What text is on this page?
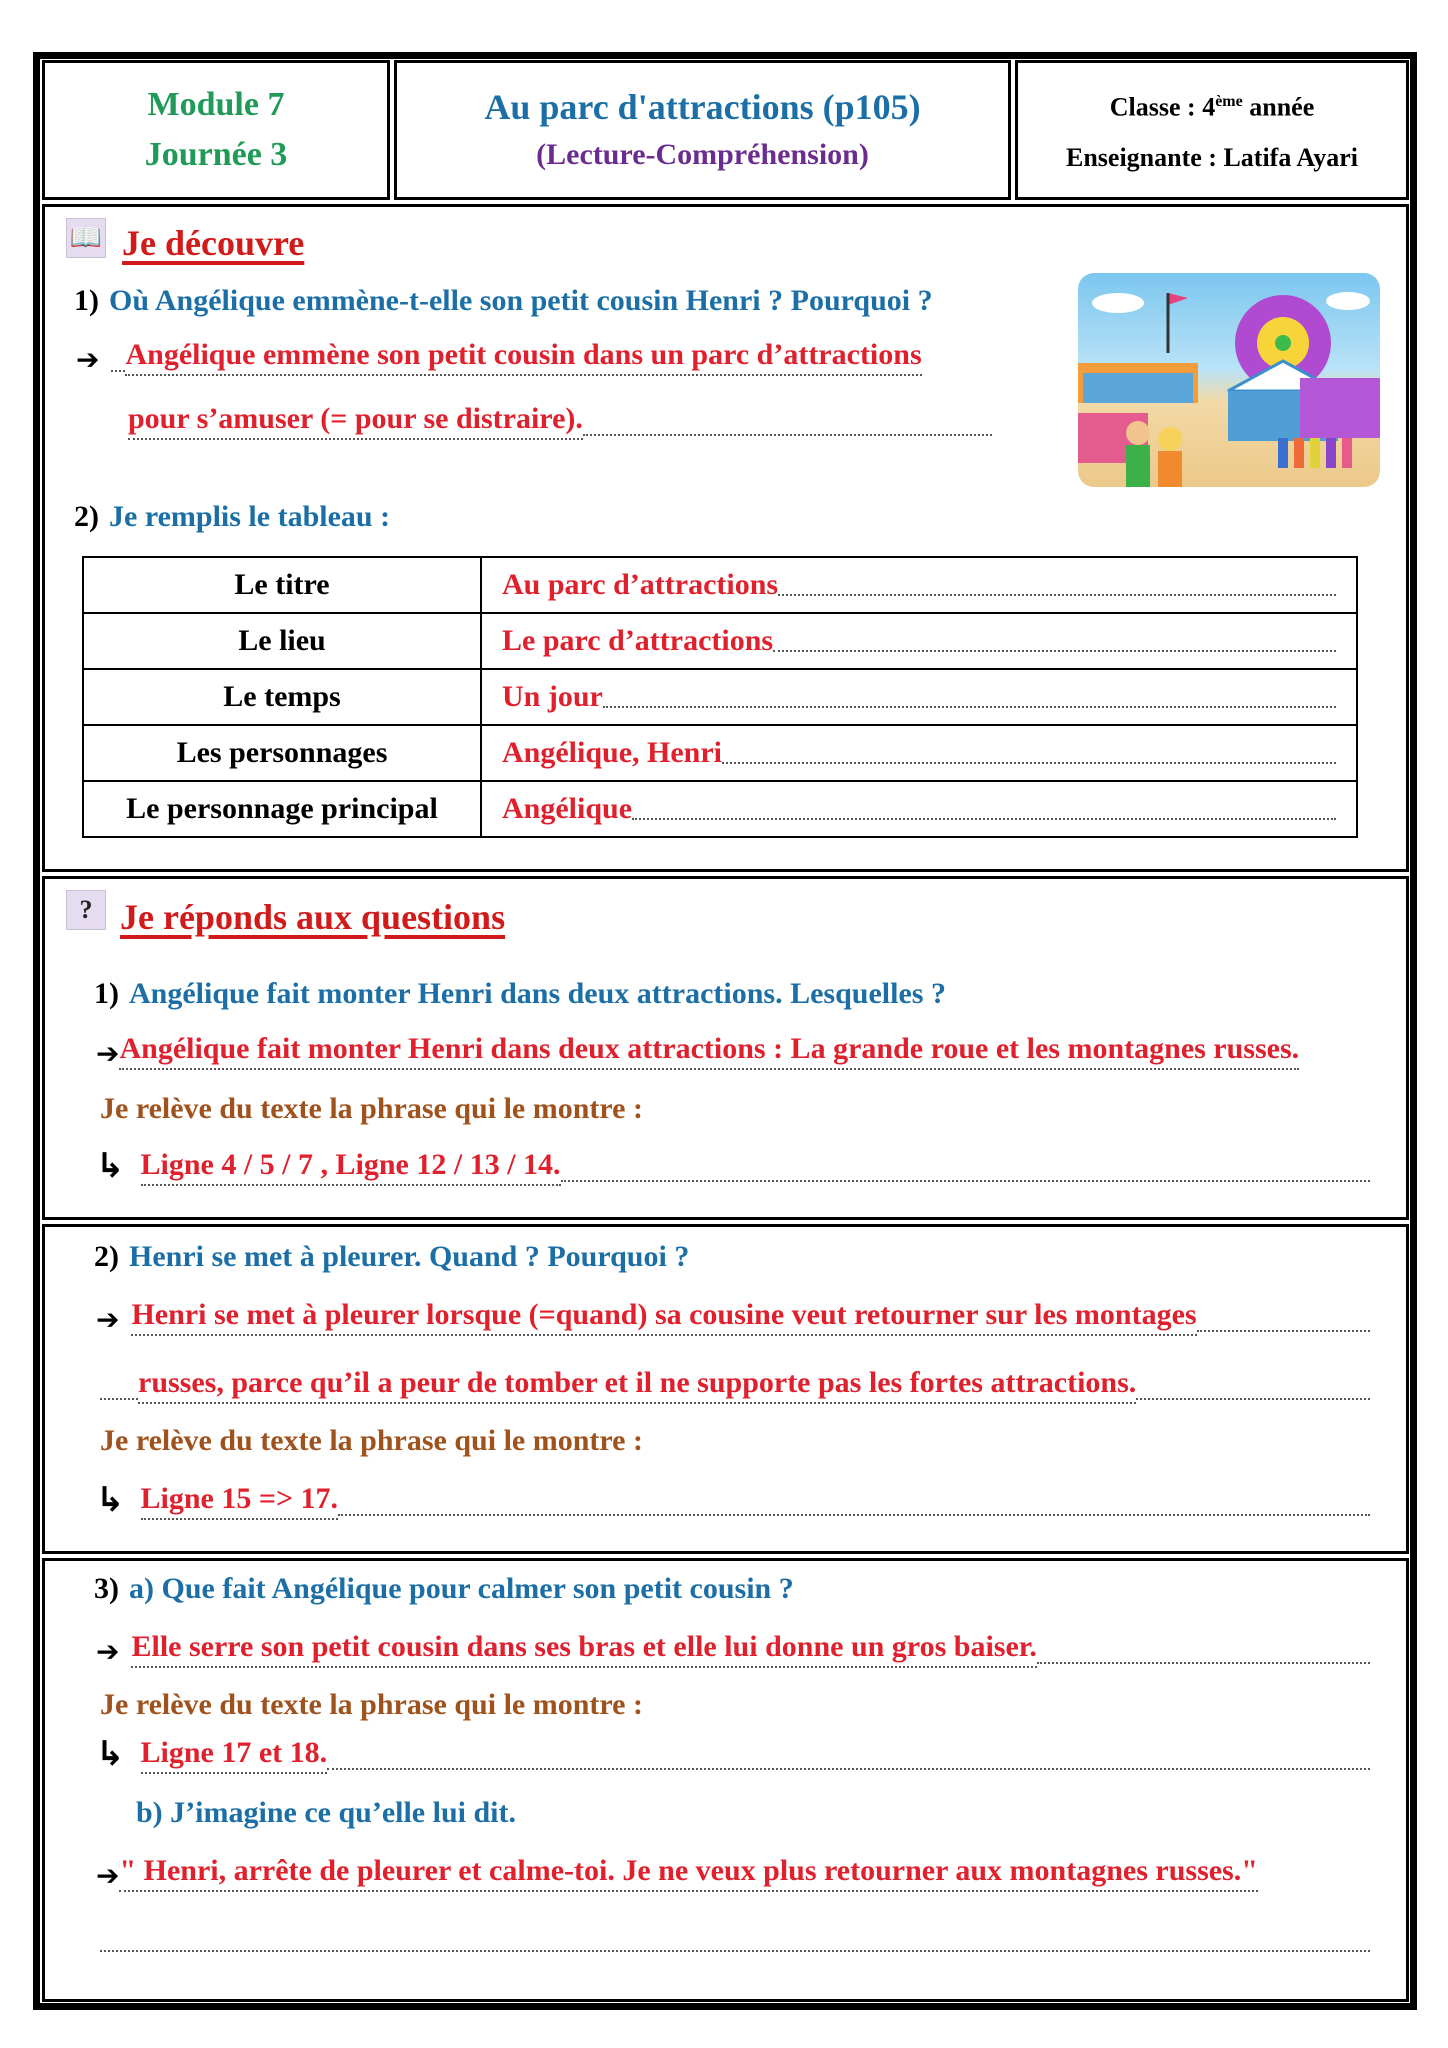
Module 7
Journée 3
Au parc d'attractions (p105)
(Lecture-Compréhension)
Classe : 4ème année
Enseignante : Latifa Ayari
📖 Je découvre
1) Où Angélique emmène-t-elle son petit cousin Henri ? Pourquoi ?
➔ Angélique emmène son petit cousin dans un parc d’attractions
pour s’amuser (= pour se distraire).
2) Je remplis le tableau :
Le titre	Au parc d’attractions

Le lieu	Le parc d’attractions

Le temps	Un jour

Les personnages	Angélique, Henri

Le personnage principal	Angélique
? Je réponds aux questions
1) Angélique fait monter Henri dans deux attractions. Lesquelles ?
➔ Angélique fait monter Henri dans deux attractions : La grande roue et les montagnes russes.
Je relève du texte la phrase qui le montre :
↳ Ligne 4 / 5 / 7 , Ligne 12 / 13 / 14.
2) Henri se met à pleurer. Quand ? Pourquoi ?
➔ Henri se met à pleurer lorsque (=quand) sa cousine veut retourner sur les montages
russes, parce qu’il a peur de tomber et il ne supporte pas les fortes attractions.
Je relève du texte la phrase qui le montre :
↳ Ligne 15 => 17.
3) a) Que fait Angélique pour calmer son petit cousin ?
➔ Elle serre son petit cousin dans ses bras et elle lui donne un gros baiser.
Je relève du texte la phrase qui le montre :
↳ Ligne 17 et 18.
b) J’imagine ce qu’elle lui dit.
➔ " Henri, arrête de pleurer et calme-toi. Je ne veux plus retourner aux montagnes russes."
